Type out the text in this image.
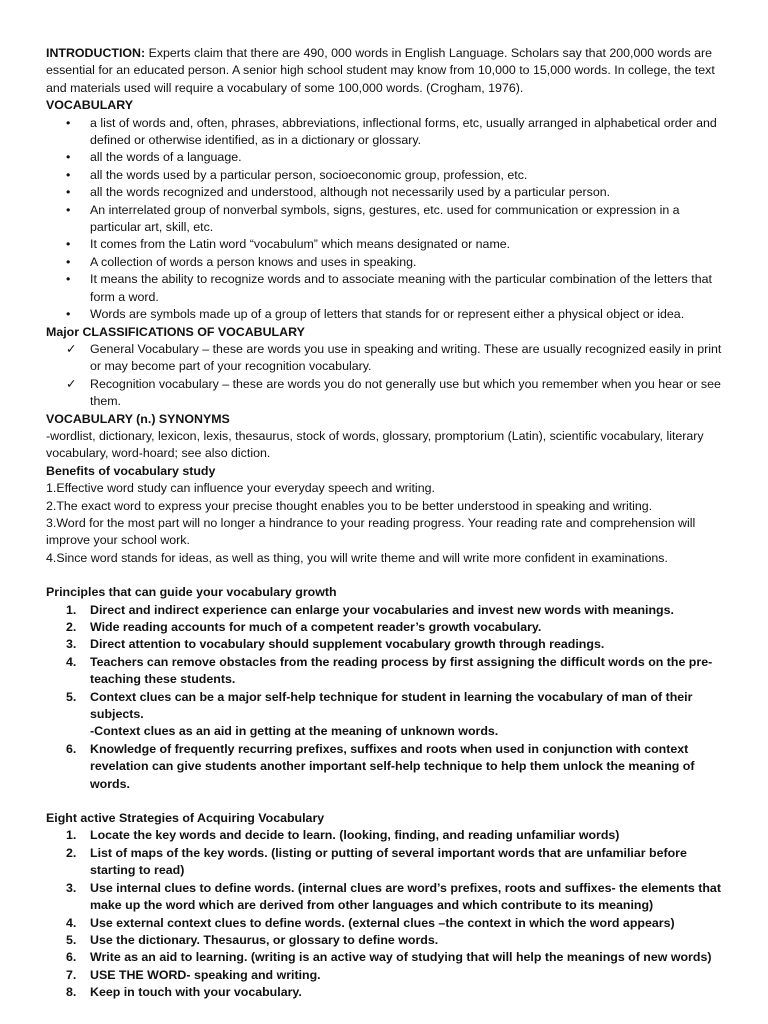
INTRODUCTION: Experts claim that there are 490, 000 words in English Language. Scholars say that 200,000 words are essential for an educated person. A senior high school student may know from 10,000 to 15,000 words. In college, the text and materials used will require a vocabulary of some 100,000 words. (Crogham, 1976).

VOCABULARY

• a list of words and, often, phrases, abbreviations, inflectional forms, etc, usually arranged in alphabetical order and defined or otherwise identified, as in a dictionary or glossary.
• all the words of a language.
• all the words used by a particular person, socioeconomic group, profession, etc.
• all the words recognized and understood, although not necessarily used by a particular person.
• An interrelated group of nonverbal symbols, signs, gestures, etc. used for communication or expression in a particular art, skill, etc.
• It comes from the Latin word “vocabulum” which means designated or name.
• A collection of words a person knows and uses in speaking.
• It means the ability to recognize words and to associate meaning with the particular combination of the letters that form a word.
• Words are symbols made up of a group of letters that stands for or represent either a physical object or idea.

Major CLASSIFICATIONS OF VOCABULARY

✓ General Vocabulary – these are words you use in speaking and writing. These are usually recognized easily in print or may become part of your recognition vocabulary.
✓ Recognition vocabulary – these are words you do not generally use but which you remember when you hear or see them.

VOCABULARY (n.) SYNONYMS

-wordlist, dictionary, lexicon, lexis, thesaurus, stock of words, glossary, promptorium (Latin), scientific vocabulary, literary vocabulary, word-hoard; see also diction.

Benefits of vocabulary study

1.Effective word study can influence your everyday speech and writing.

2.The exact word to express your precise thought enables you to be better understood in speaking and writing.

3.Word for the most part will no longer a hindrance to your reading progress. Your reading rate and comprehension will improve your school work.

4.Since word stands for ideas, as well as thing, you will write theme and will write more confident in examinations.

Principles that can guide your vocabulary growth

1.	Direct and indirect experience can enlarge your vocabularies and invest new words with meanings.
2.	Wide reading accounts for much of a competent reader’s growth vocabulary.
3.	Direct attention to vocabulary should supplement vocabulary growth through readings.
4.	Teachers can remove obstacles from the reading process by first assigning the difficult words on the pre-teaching these students.
5.	Context clues can be a major self-help technique for student in learning the vocabulary of man of their subjects.
-Context clues as an aid in getting at the meaning of unknown words.
6.	Knowledge of frequently recurring prefixes, suffixes and roots when used in conjunction with context revelation can give students another important self-help technique to help them unlock the meaning of words.

Eight active Strategies of Acquiring Vocabulary

1.	Locate the key words and decide to learn. (looking, finding, and reading unfamiliar words)
2.	List of maps of the key words. (listing or putting of several important words that are unfamiliar before starting to read)
3.	Use internal clues to define words. (internal clues are word’s prefixes, roots and suffixes- the elements that make up the word which are derived from other languages and which contribute to its meaning)
4.	Use external context clues to define words. (external clues –the context in which the word appears)
5.	Use the dictionary. Thesaurus, or glossary to define words.
6.	Write as an aid to learning. (writing is an active way of studying that will help the meanings of new words)
7.	USE THE WORD- speaking and writing.
8.	Keep in touch with your vocabulary.
